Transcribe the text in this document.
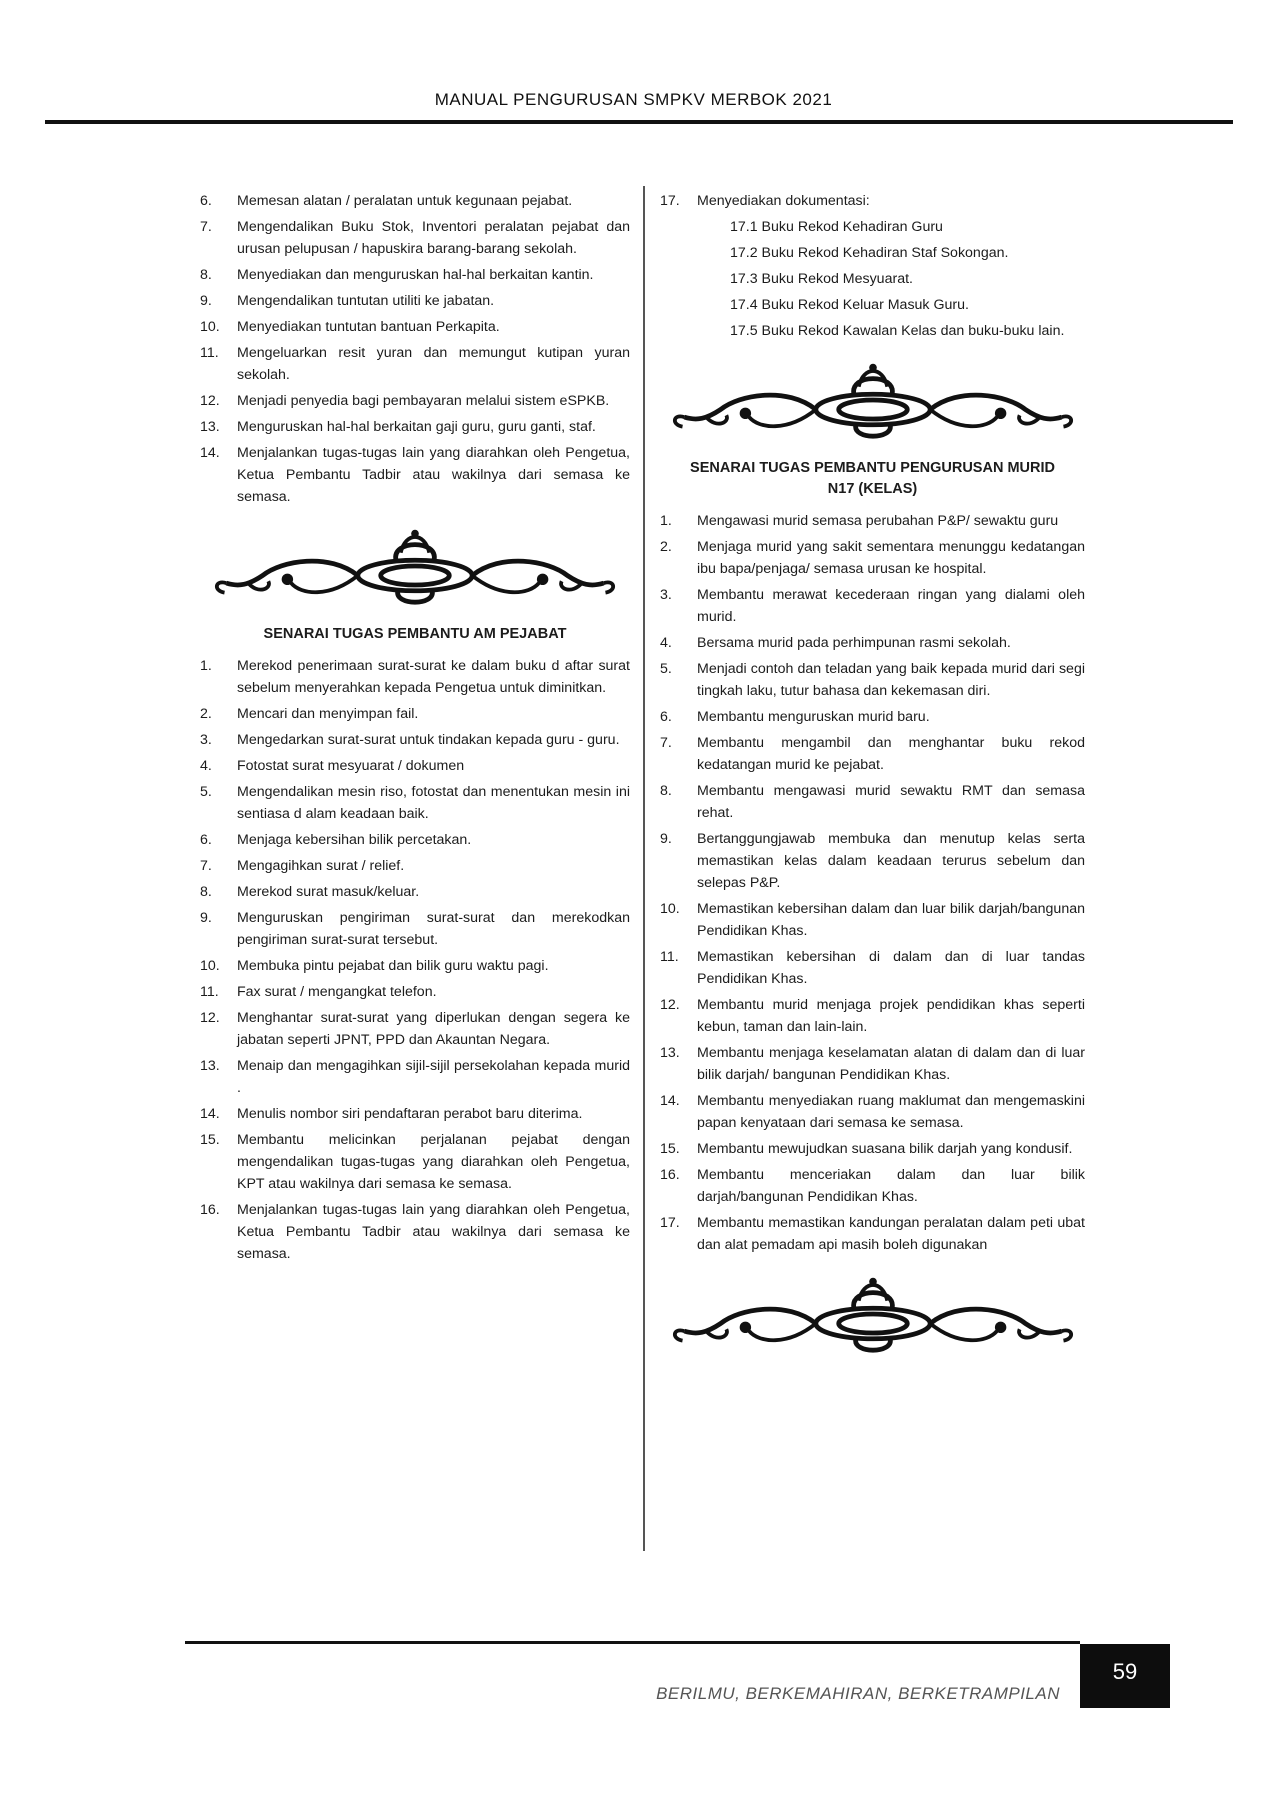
MANUAL PENGURUSAN SMPKV MERBOK 2021
6. Memesan alatan / peralatan untuk kegunaan pejabat.
7. Mengendalikan Buku Stok, Inventori peralatan pejabat dan urusan pelupusan / hapuskira barang-barang sekolah.
8. Menyediakan dan menguruskan hal-hal berkaitan kantin.
9. Mengendalikan tuntutan utiliti ke jabatan.
10. Menyediakan tuntutan bantuan Perkapita.
11. Mengeluarkan resit yuran dan memungut kutipan yuran sekolah.
12. Menjadi penyedia bagi pembayaran melalui sistem eSPKB.
13. Menguruskan hal-hal berkaitan gaji guru, guru ganti, staf.
14. Menjalankan tugas-tugas lain yang diarahkan oleh Pengetua, Ketua Pembantu Tadbir atau wakilnya dari semasa ke semasa.
SENARAI TUGAS PEMBANTU AM PEJABAT
1. Merekod penerimaan surat-surat ke dalam buku d aftar surat sebelum menyerahkan kepada Pengetua untuk diminitkan.
2. Mencari dan menyimpan fail.
3. Mengedarkan surat-surat untuk tindakan kepada guru - guru.
4. Fotostat surat mesyuarat / dokumen
5. Mengendalikan mesin riso, fotostat dan menentukan mesin ini sentiasa d alam keadaan baik.
6. Menjaga kebersihan bilik percetakan.
7. Mengagihkan surat / relief.
8. Merekod surat masuk/keluar.
9. Menguruskan pengiriman surat-surat dan merekodkan pengiriman surat-surat tersebut.
10. Membuka pintu pejabat dan bilik guru waktu pagi.
11. Fax surat / mengangkat telefon.
12. Menghantar surat-surat yang diperlukan dengan segera ke jabatan seperti JPNT, PPD dan Akauntan Negara.
13. Menaip dan mengagihkan sijil-sijil persekolahan kepada murid .
14. Menulis nombor siri pendaftaran perabot baru diterima.
15. Membantu melicinkan perjalanan pejabat dengan mengendalikan tugas-tugas yang diarahkan oleh Pengetua, KPT atau wakilnya dari semasa ke semasa.
16. Menjalankan tugas-tugas lain yang diarahkan oleh Pengetua, Ketua Pembantu Tadbir atau wakilnya dari semasa ke semasa.
17. Menyediakan dokumentasi:
17.1 Buku Rekod Kehadiran Guru
17.2 Buku Rekod Kehadiran Staf Sokongan.
17.3 Buku Rekod Mesyuarat.
17.4 Buku Rekod Keluar Masuk Guru.
17.5 Buku Rekod Kawalan Kelas dan buku-buku lain.
SENARAI TUGAS PEMBANTU PENGURUSAN MURID
N17 (KELAS)
1. Mengawasi murid semasa perubahan P&P/ sewaktu guru
2. Menjaga murid yang sakit sementara menunggu kedatangan ibu bapa/penjaga/ semasa urusan ke hospital.
3. Membantu merawat kecederaan ringan yang dialami oleh murid.
4. Bersama murid pada perhimpunan rasmi sekolah.
5. Menjadi contoh dan teladan yang baik kepada murid dari segi tingkah laku, tutur bahasa dan kekemasan diri.
6. Membantu menguruskan murid baru.
7. Membantu mengambil dan menghantar buku rekod kedatangan murid ke pejabat.
8. Membantu mengawasi murid sewaktu RMT dan semasa rehat.
9. Bertanggungjawab membuka dan menutup kelas serta memastikan kelas dalam keadaan terurus sebelum dan selepas P&P.
10. Memastikan kebersihan dalam dan luar bilik darjah/bangunan Pendidikan Khas.
11. Memastikan kebersihan di dalam dan di luar tandas Pendidikan Khas.
12. Membantu murid menjaga projek pendidikan khas seperti kebun, taman dan lain-lain.
13. Membantu menjaga keselamatan alatan di dalam dan di luar bilik darjah/ bangunan Pendidikan Khas.
14. Membantu menyediakan ruang maklumat dan mengemaskini papan kenyataan dari semasa ke semasa.
15. Membantu mewujudkan suasana bilik darjah yang kondusif.
16. Membantu menceriakan dalam dan luar bilik darjah/bangunan Pendidikan Khas.
17. Membantu memastikan kandungan peralatan dalam peti ubat dan alat pemadam api masih boleh digunakan
BERILMU, BERKEMAHIRAN, BERKETRAMPILAN
59
